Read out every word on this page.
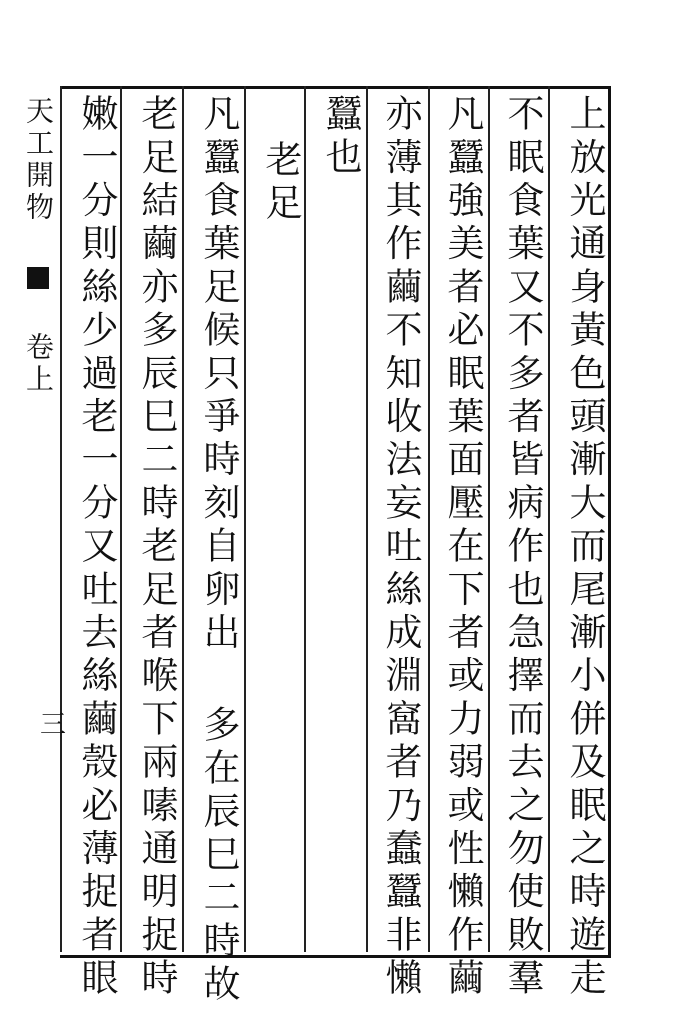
上放光通身黃色頭漸大而尾漸小併及眠之時遊走
不眠食葉又不多者皆病作也急擇而去之勿使敗羣
凡蠶強美者必眠葉面壓在下者或力弱或性懶作繭
亦薄其作繭不知收法妄吐絲成淵窩者乃蠢蠶非懶
蠶也
老足
凡蠶食葉足候只爭時刻自卵出 多在辰巳二時故
老足結繭亦多辰巳二時老足者喉下兩嗉通明捉時
嫩一分則絲少過老一分又吐去絲繭殼必薄捉者眼
天工開物  卷上
三
